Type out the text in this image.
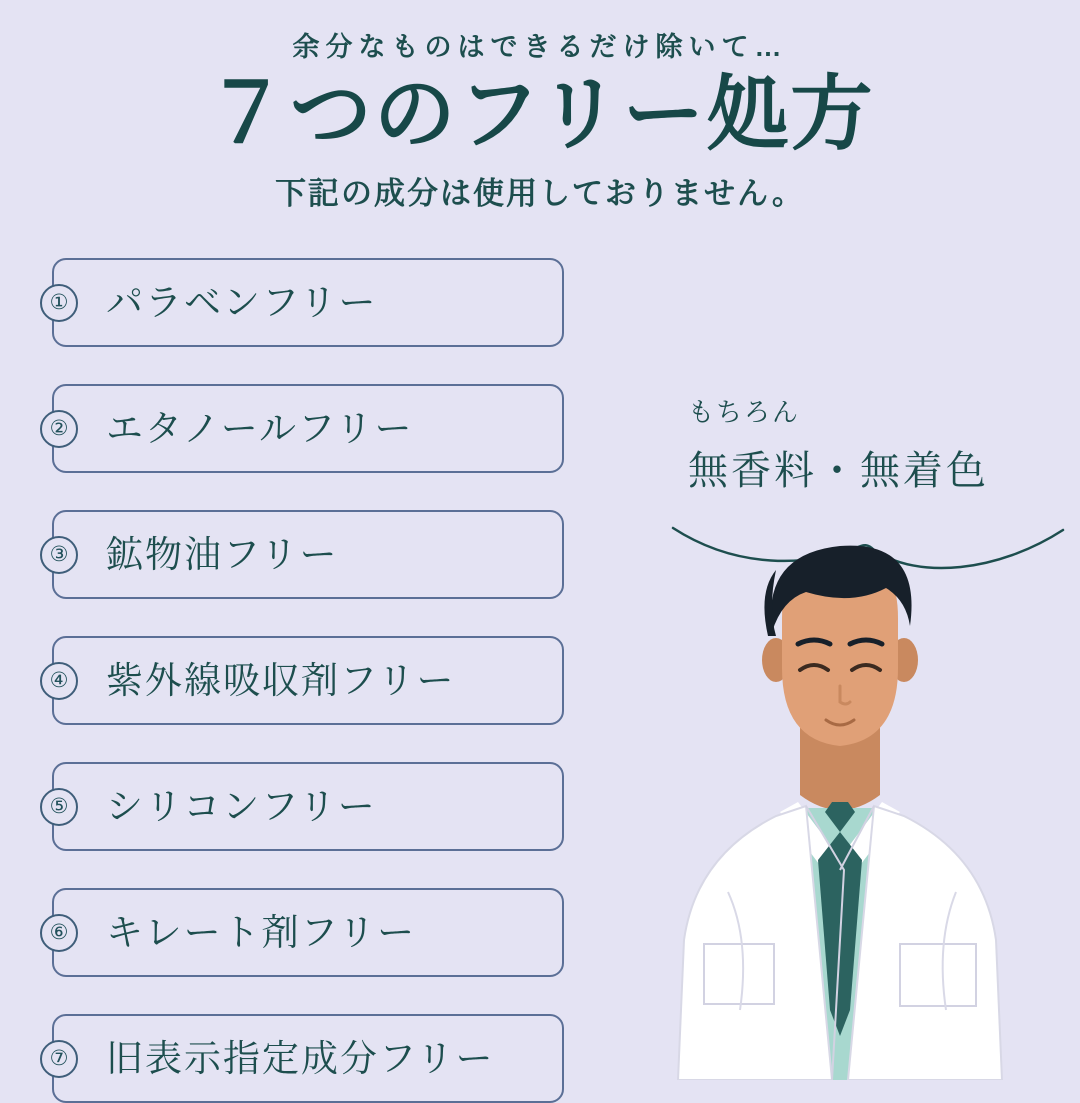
余分なものはできるだけ除いて…

７つのフリー処方

下記の成分は使用しておりません。

① パラベンフリー
② エタノールフリー
③ 鉱物油フリー
④ 紫外線吸収剤フリー
⑤ シリコンフリー
⑥ キレート剤フリー
⑦ 旧表示指定成分フリー

もちろん

無香料・無着色
